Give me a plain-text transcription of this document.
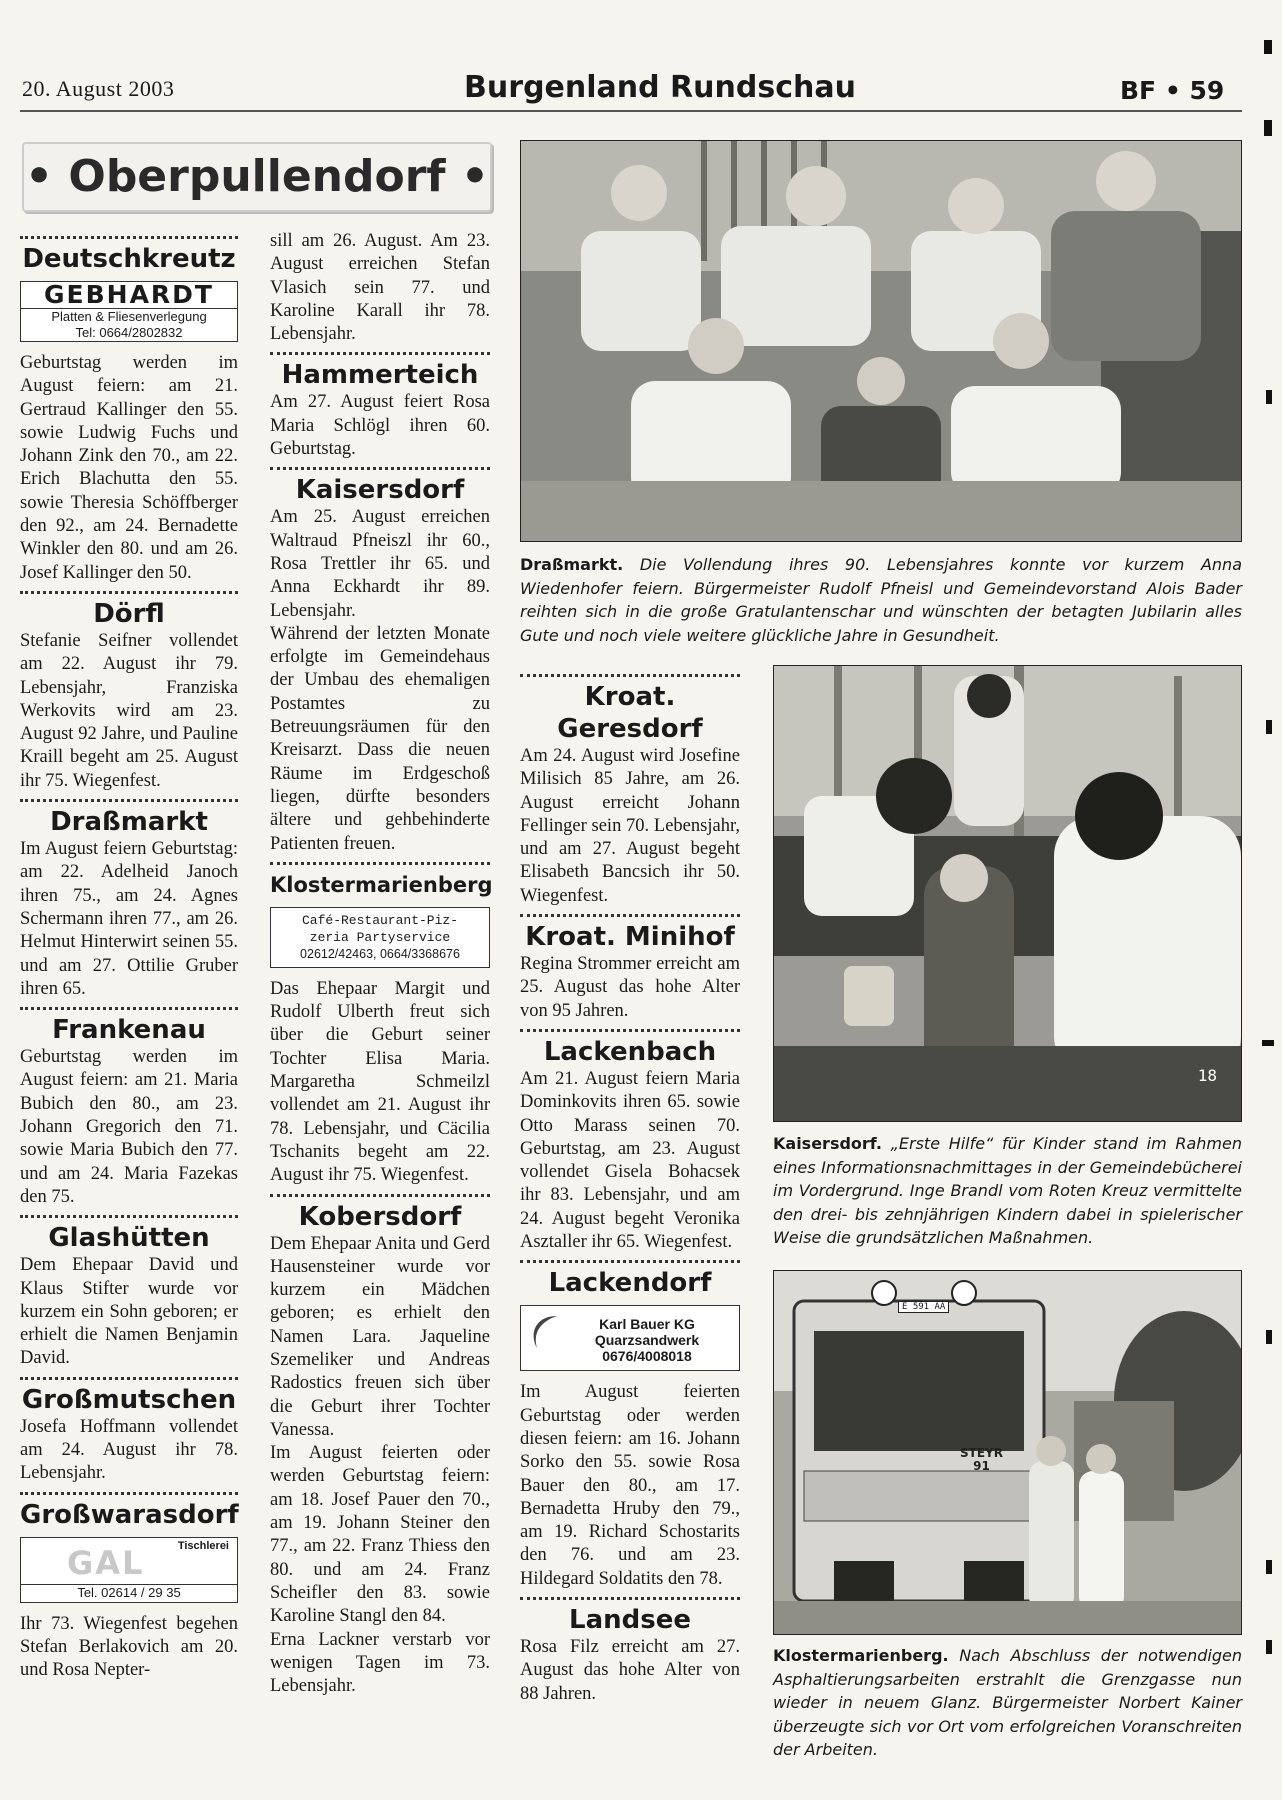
20. August 2003	Burgenland Rundschau	BF • 59
• Oberpullendorf •
Deutschkreutz
GEBHARDT
Platten & Fliesenverlegung
Tel: 0664/2802832

Geburtstag werden im August feiern: am 21. Gertraud Kallinger den 55. sowie Ludwig Fuchs und Johann Zink den 70., am 22. Erich Blachutta den 55. sowie Theresia Schöffberger den 92., am 24. Bernadette Winkler den 80. und am 26. Josef Kallinger den 50.

Dörfl

Stefanie Seifner vollendet am 22. August ihr 79. Lebensjahr, Franziska Werkovits wird am 23. August 92 Jahre, und Pauline Kraill begeht am 25. August ihr 75. Wiegenfest.

Draßmarkt

Im August feiern Geburtstag: am 22. Adelheid Janoch ihren 75., am 24. Agnes Schermann ihren 77., am 26. Helmut Hinterwirt seinen 55. und am 27. Ottilie Gruber ihren 65.

Frankenau

Geburtstag werden im August feiern: am 21. Maria Bubich den 80., am 23. Johann Gregorich den 71. sowie Maria Bubich den 77. und am 24. Maria Fazekas den 75.

Glashütten

Dem Ehepaar David und Klaus Stifter wurde vor kurzem ein Sohn geboren; er erhielt die Namen Benjamin David.

Großmutschen

Josefa Hoffmann vollendet am 24. August ihr 78. Lebensjahr.

Großwarasdorf
Tischlerei
GAL
Tel. 02614 / 29 35

Ihr 73. Wiegenfest begehen Stefan Berlakovich am 20. und Rosa Nepter-

sill am 26. August. Am 23. August erreichen Stefan Vlasich sein 77. und Karoline Karall ihr 78. Lebensjahr.

Hammerteich

Am 27. August feiert Rosa Maria Schlögl ihren 60. Geburtstag.

Kaisersdorf

Am 25. August erreichen Waltraud Pfneiszl ihr 60., Rosa Trettler ihr 65. und Anna Eckhardt ihr 89. Lebensjahr.

Während der letzten Monate erfolgte im Gemeindehaus der Umbau des ehemaligen Postamtes zu Betreuungsräumen für den Kreisarzt. Dass die neuen Räume im Erdgeschoß liegen, dürfte besonders ältere und gehbehinderte Patienten freuen.

Klostermarienberg
Café-Restaurant-Piz-
zeria Partyservice
02612/42463, 0664/3368676

Das Ehepaar Margit und Rudolf Ulberth freut sich über die Geburt seiner Tochter Elisa Maria. Margaretha Schmeilzl vollendet am 21. August ihr 78. Lebensjahr, und Cäcilia Tschanits begeht am 22. August ihr 75. Wiegenfest.

Kobersdorf

Dem Ehepaar Anita und Gerd Hausensteiner wurde vor kurzem ein Mädchen geboren; es erhielt den Namen Lara. Jaqueline Szemeliker und Andreas Radostics freuen sich über die Geburt ihrer Tochter Vanessa.

Im August feierten oder werden Geburtstag feiern: am 18. Josef Pauer den 70., am 19. Johann Steiner den 77., am 22. Franz Thiess den 80. und am 24. Franz Scheifler den 83. sowie Karoline Stangl den 84.

Erna Lackner verstarb vor wenigen Tagen im 73. Lebensjahr.

Kroat. Geresdorf

Am 24. August wird Josefine Milisich 85 Jahre, am 26. August erreicht Johann Fellinger sein 70. Lebensjahr, und am 27. August begeht Elisabeth Bancsich ihr 50. Wiegenfest.

Kroat. Minihof

Regina Strommer erreicht am 25. August das hohe Alter von 95 Jahren.

Lackenbach

Am 21. August feiern Maria Dominkovits ihren 65. sowie Otto Marass seinen 70. Geburtstag, am 23. August vollendet Gisela Bohacsek ihr 83. Lebensjahr, und am 24. August begeht Veronika Asztaller ihr 65. Wiegenfest.

Lackendorf
Karl Bauer KG
Quarzsandwerk
0676/4008018

Im August feierten Geburtstag oder werden diesen feiern: am 16. Johann Sorko den 55. sowie Rosa Bauer den 80., am 17. Bernadetta Hruby den 79., am 19. Richard Schostarits den 76. und am 23. Hildegard Soldatits den 78.

Landsee

Rosa Filz erreicht am 27. August das hohe Alter von 88 Jahren.

Draßmarkt. Die Vollendung ihres 90. Lebensjahres konnte vor kurzem Anna Wiedenhofer feiern. Bürgermeister Rudolf Pfneisl und Gemeindevorstand Alois Bader reihten sich in die große Gratulantenschar und wünschten der betagten Jubilarin alles Gute und noch viele weitere glückliche Jahre in Gesundheit.
18
Kaisersdorf. „Erste Hilfe“ für Kinder stand im Rahmen eines Informationsnachmittages in der Gemeindebücherei im Vordergrund. Inge Brandl vom Roten Kreuz vermittelte den drei- bis zehnjährigen Kindern dabei in spielerischer Weise die grundsätzlichen Maßnahmen.
E 591 AA
STEYR
91
Klostermarienberg. Nach Abschluss der notwendigen Asphaltierungsarbeiten erstrahlt die Grenzgasse nun wieder in neuem Glanz. Bürgermeister Norbert Kainer überzeugte sich vor Ort vom erfolgreichen Voranschreiten der Arbeiten.
